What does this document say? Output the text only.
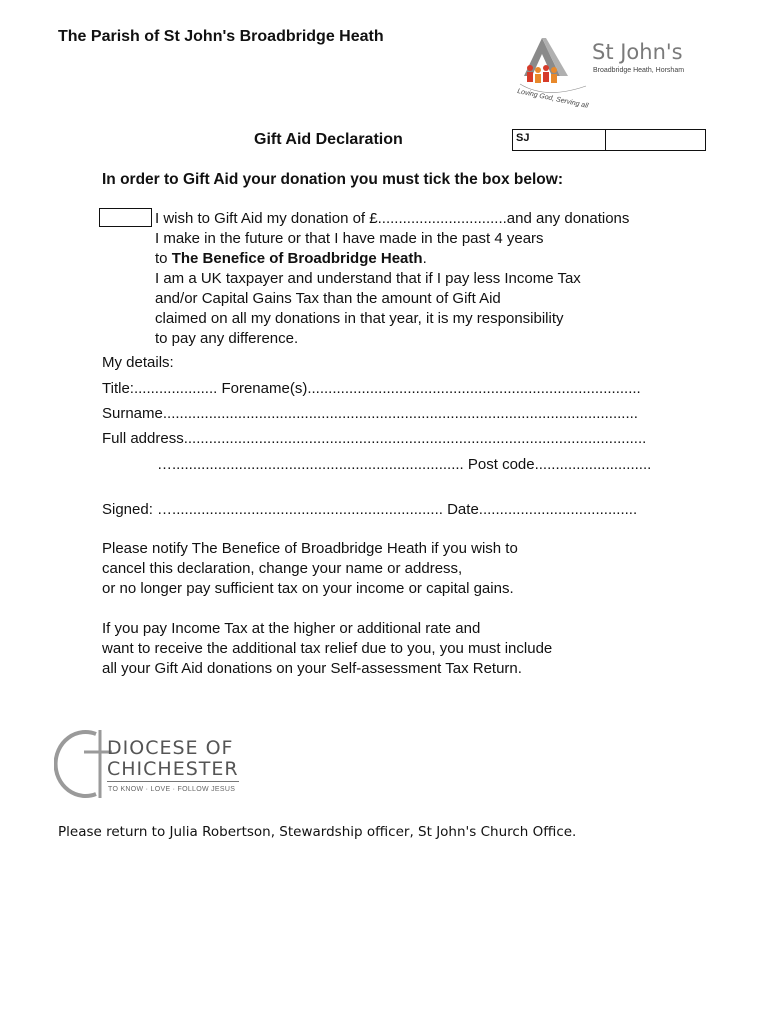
The Parish of St John's Broadbridge Heath
St John's
Broadbridge Heath, Horsham
Loving God, Serving all
Gift Aid Declaration	SJ
In order to Gift Aid your donation you must tick the box below:
I wish to Gift Aid my donation of £...............................and any donations
I make in the future or that I have made in the past 4 years
to The Benefice of Broadbridge Heath.
I am a UK taxpayer and understand that if I pay less Income Tax
and/or Capital Gains Tax than the amount of Gift Aid
claimed on all my donations in that year, it is my responsibility
to pay any difference.
My details:
Title:.................... Forename(s)................................................................................
Surname..................................................................................................................
Full address...............................................................................................................
…...................................................................... Post code............................
Signed: …................................................................. Date......................................
Please notify The Benefice of Broadbridge Heath if you wish to
cancel this declaration, change your name or address,
or no longer pay sufficient tax on your income or capital gains.
If you pay Income Tax at the higher or additional rate and
want to receive the additional tax relief due to you, you must include
all your Gift Aid donations on your Self-assessment Tax Return.
DIOCESE OF
CHICHESTER
TO KNOW · LOVE · FOLLOW JESUS
Please return to Julia Robertson, Stewardship officer, St John's Church Office.
